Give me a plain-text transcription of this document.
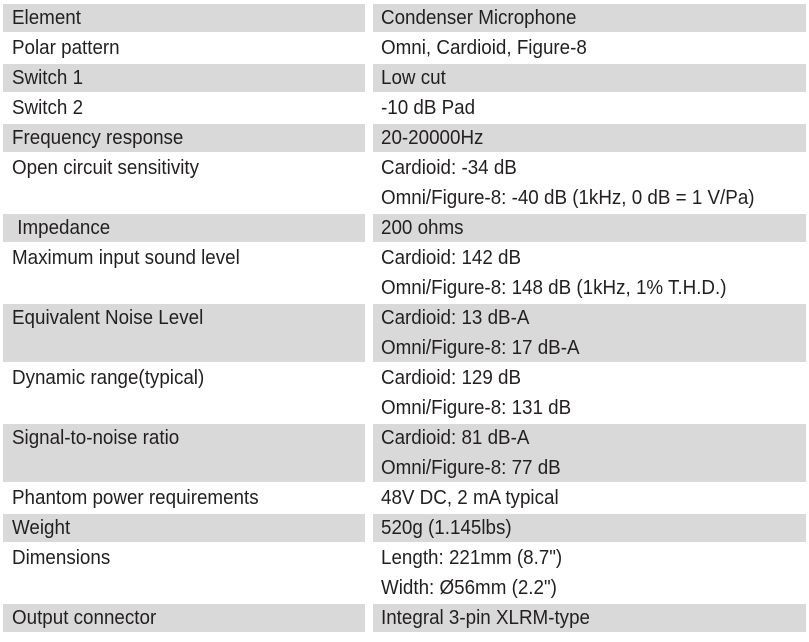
Element	Condenser Microphone
Polar pattern	Omni, Cardioid, Figure-8
Switch 1	Low cut
Switch 2	-10 dB Pad
Frequency response	20-20000Hz
Open circuit sensitivity	Cardioid: -34 dB
Omni/Figure-8: -40 dB (1kHz, 0 dB = 1 V/Pa)
Impedance	200 ohms
Maximum input sound level	Cardioid: 142 dB
Omni/Figure-8: 148 dB (1kHz, 1% T.H.D.)
Equivalent Noise Level	Cardioid: 13 dB-A
Omni/Figure-8: 17 dB-A
Dynamic range(typical)	Cardioid: 129 dB
Omni/Figure-8: 131 dB
Signal-to-noise ratio	Cardioid: 81 dB-A
Omni/Figure-8: 77 dB
Phantom power requirements	48V DC, 2 mA typical
Weight	520g (1.145lbs)
Dimensions	Length: 221mm (8.7")
Width: Ø56mm (2.2")
Output connector	Integral 3-pin XLRM-type
